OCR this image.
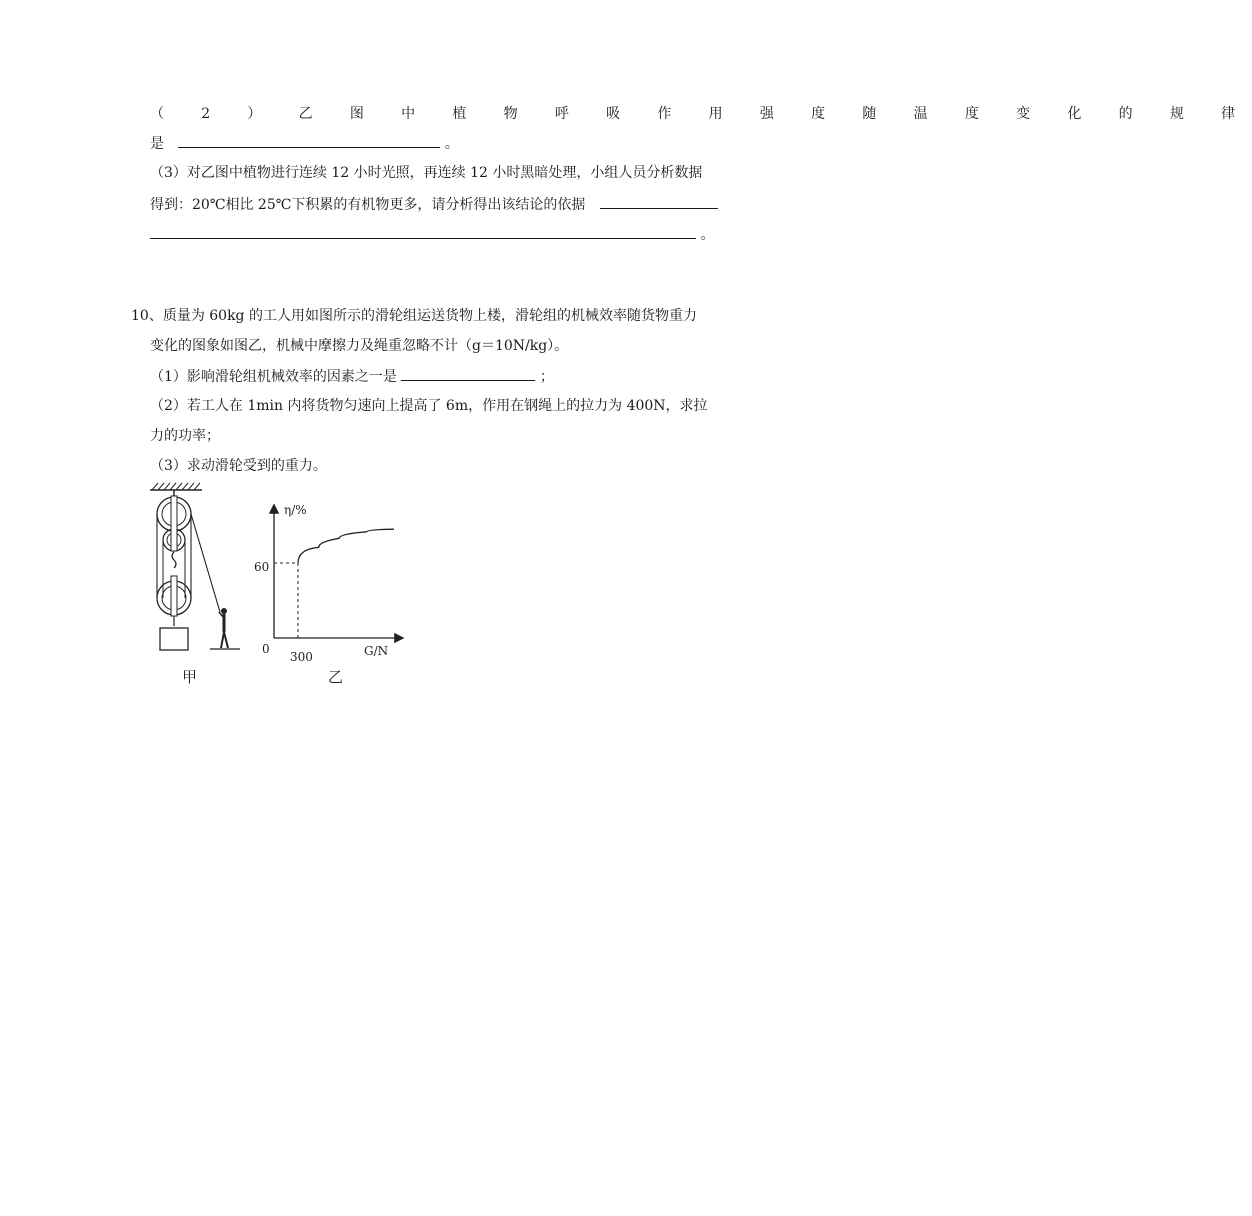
（ 2 ） 乙 图 中 植 物 呼 吸 作 用 强 度 随 温 度 变 化 的 规 律
是	。
（3）对乙图中植物进行连续 12 小时光照，再连续 12 小时黑暗处理，小组人员分析数据
得到：20℃相比 25℃下积累的有机物更多，请分析得出该结论的依据
。
10、质量为 60kg 的工人用如图所示的滑轮组运送货物上楼，滑轮组的机械效率随货物重力
变化的图象如图乙，机械中摩擦力及绳重忽略不计（g＝10N/kg）。
（1）影响滑轮组机械效率的因素之一是	；
（2）若工人在 1min 内将货物匀速向上提高了 6m，作用在钢绳上的拉力为 400N，求拉
力的功率；
（3）求动滑轮受到的重力。
甲
η/%
G/N
0
60
300
乙
